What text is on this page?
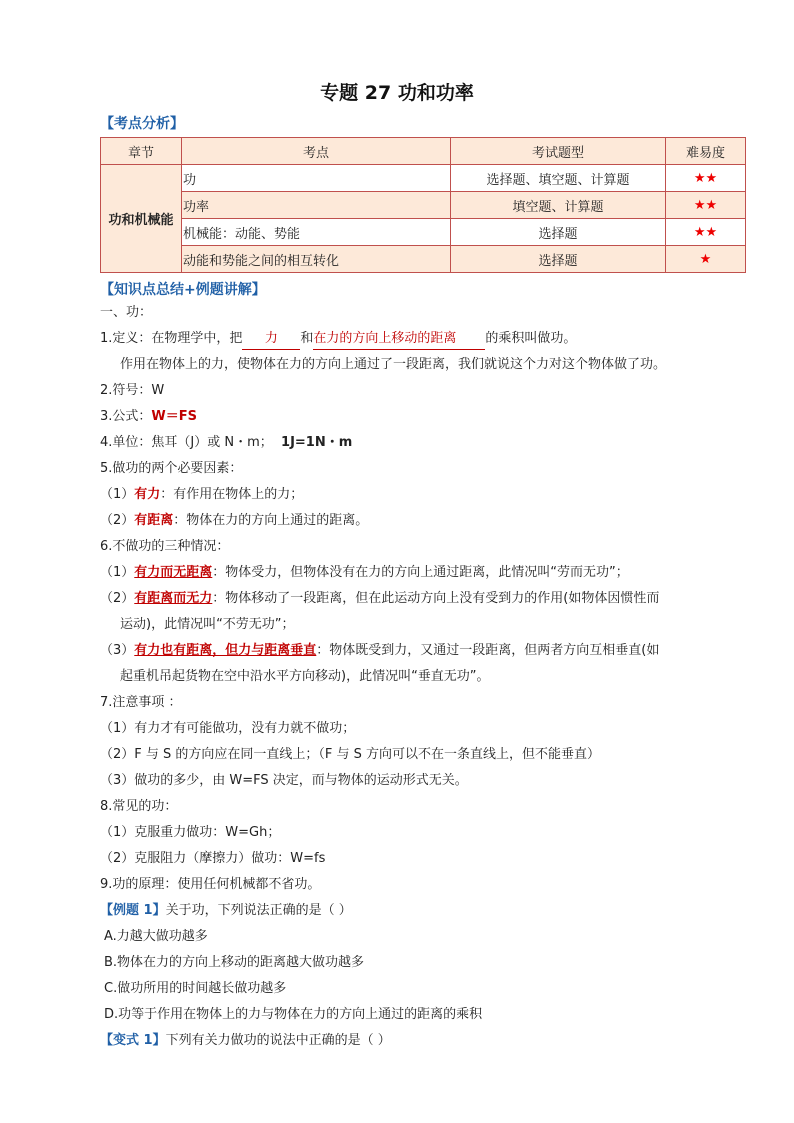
专题 27 功和功率
【考点分析】
章节	考点	考试题型	难易度
功和机械能	功	选择题、填空题、计算题	★★
	功率	填空题、计算题	★★
	机械能：动能、势能	选择题	★★
	动能和势能之间的相互转化	选择题	★
【知识点总结+例题讲解】
一、功：
1.定义：在物理学中，把 力 和在力的方向上移动的距离 的乘积叫做功。
作用在物体上的力，使物体在力的方向上通过了一段距离，我们就说这个力对这个物体做了功。
2.符号：W
3.公式：W＝FS
4.单位：焦耳（J）或 N・m； 1J=1N・m
5.做功的两个必要因素：
（1）有力：有作用在物体上的力；
（2）有距离：物体在力的方向上通过的距离。
6.不做功的三种情况：
（1）有力而无距离：物体受力，但物体没有在力的方向上通过距离，此情况叫“劳而无功”；
（2）有距离而无力：物体移动了一段距离，但在此运动方向上没有受到力的作用(如物体因惯性而
运动)，此情况叫“不劳无功”；
（3）有力也有距离，但力与距离垂直：物体既受到力，又通过一段距离，但两者方向互相垂直(如
起重机吊起货物在空中沿水平方向移动)，此情况叫“垂直无功”。
7.注意事项 ：
（1）有力才有可能做功，没有力就不做功；
（2）F 与 S 的方向应在同一直线上；（F 与 S 方向可以不在一条直线上，但不能垂直）
（3）做功的多少，由 W=FS 决定，而与物体的运动形式无关。
8.常见的功：
（1）克服重力做功：W=Gh；
（2）克服阻力（摩擦力）做功：W=fs
9.功的原理：使用任何机械都不省功。
【例题 1】关于功，下列说法正确的是（ ）
A.力越大做功越多
B.物体在力的方向上移动的距离越大做功越多
C.做功所用的时间越长做功越多
D.功等于作用在物体上的力与物体在力的方向上通过的距离的乘积
【变式 1】下列有关力做功的说法中正确的是（ ）
